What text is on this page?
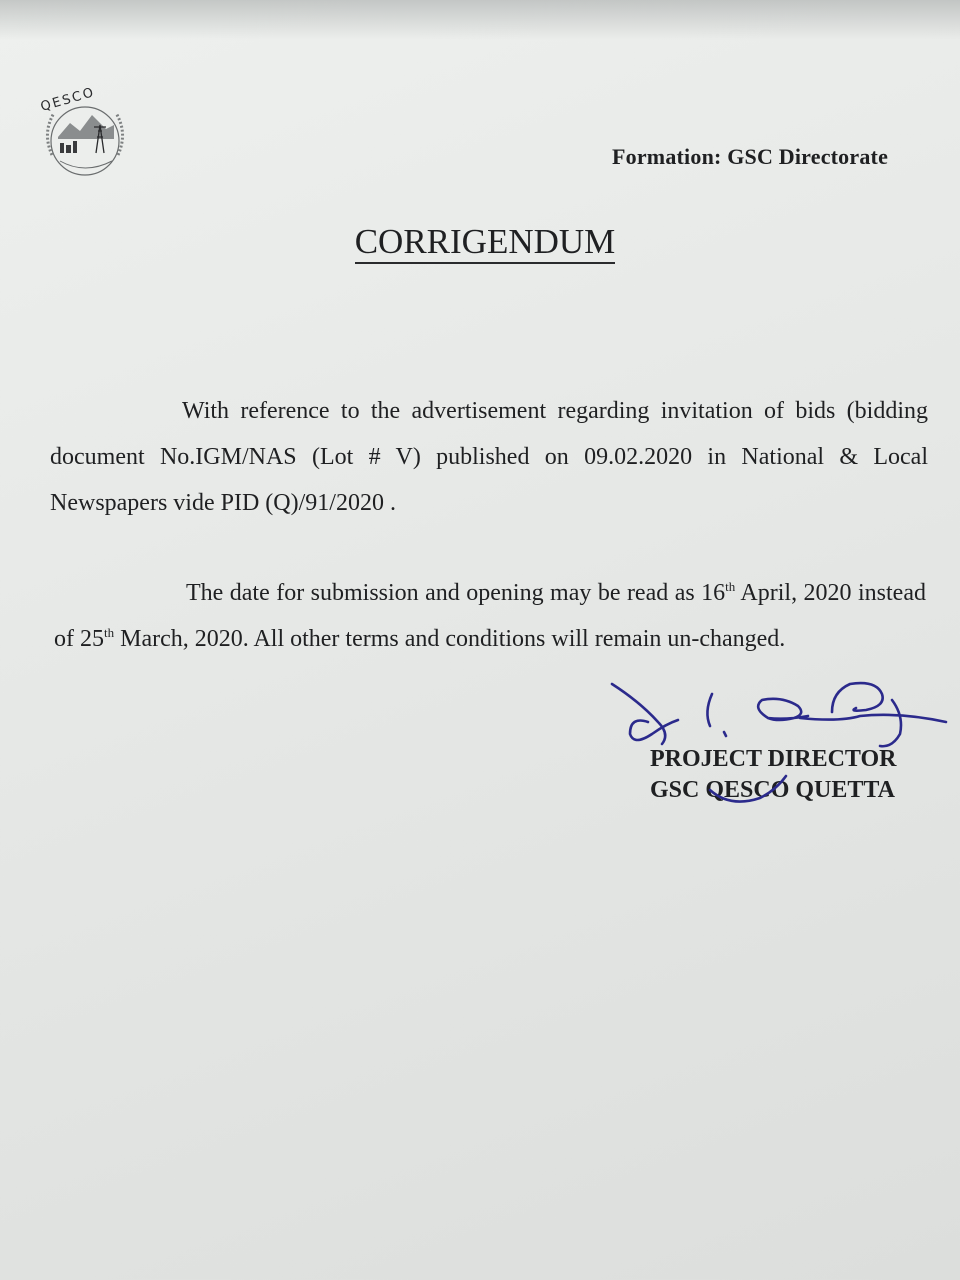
QESCO
Formation: GSC Directorate
CORRIGENDUM
With reference to the advertisement regarding invitation of bids (bidding document No.IGM/NAS (Lot # V) published on 09.02.2020 in National & Local Newspapers vide PID (Q)/91/2020 .
The date for submission and opening may be read as 16th April, 2020 instead of 25th March, 2020. All other terms and conditions will remain un-changed.
PROJECT DIRECTOR
GSC QESCO QUETTA
